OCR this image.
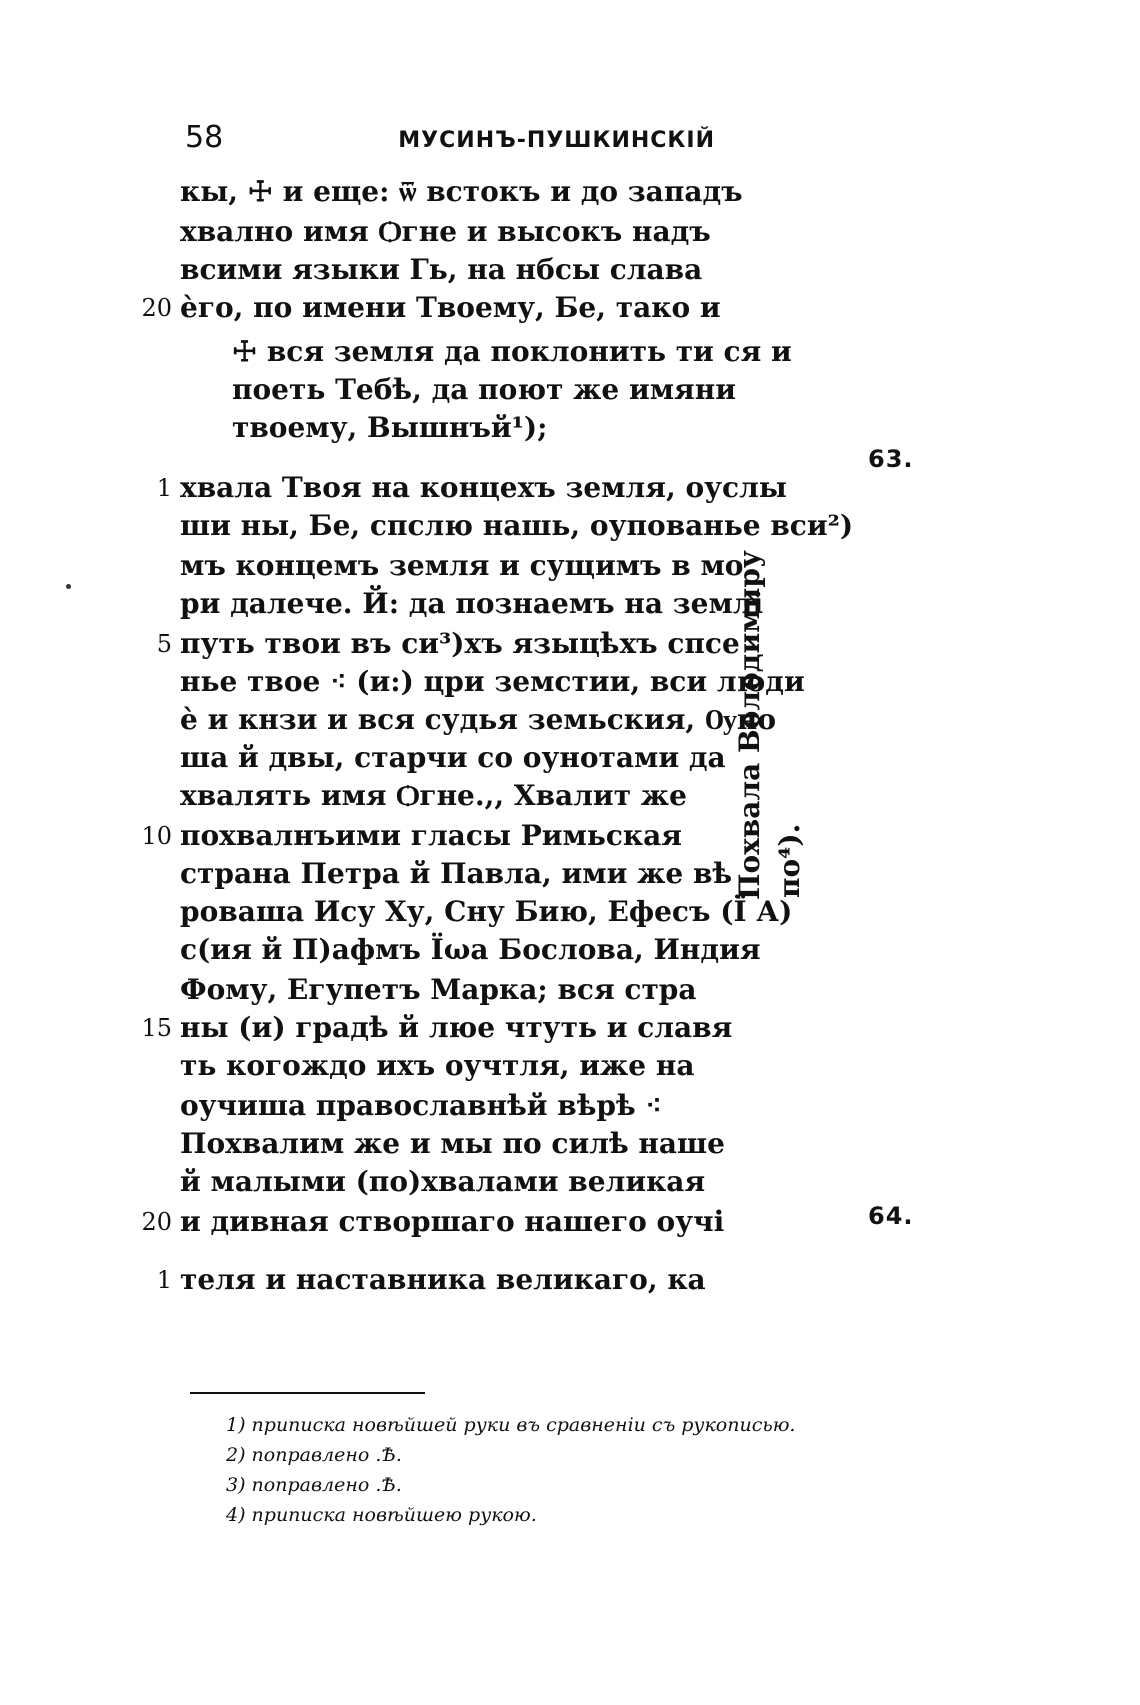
58	МУСИНЪ-ПУШКИНСКІЙ
кы, ☩ и еще: ѿ встокъ и до западъ
хвално имя Ѻгне и высокъ надъ
всими языки Гь, на нбсы слава
20 ѐго, по имени Твоему, Бе, тако и
☩ вся земля да поклонить ти ся и
поеть Тебѣ, да поют же имяни
твоему, Вышнъй¹);
1 хвала Твоя на концехъ земля, оуслы
ши ны, Бе, спслю нашь, оупованье вси²)
мъ концемъ земля и сущимъ в мо
ри далече. Й: да познаемъ на землі
5 путь твои въ си³)хъ языцѣхъ спсе
нье твое ⁖ (и:) цри земстии, вси люди
ѐ и кнзи и вся судья земьския, Ѹно
ша й двы, старчи со оунотами да
хвалять имя Ѻгне.,, Хвалит же
10 похвалнъими гласы Римьская
страна Петра й Павла, ими же вѣ
роваша Ису Ху, Сну Бию, Ефесъ (Ï А)
с(ия й П)афмъ Їωа Бослова, Индия
Фому, Егупетъ Марка; вся стра
15 ны (и) градѣ й люе чтуть и славя
ть когождо ихъ оучтля, иже на
оучиша православнѣй вѣрѣ ⁖
Похвалим же и мы по силѣ наше
й малыми (по)хвалами великая
20 и дивная створшаго нашего оучі
1 теля и наставника великаго, ка
63.
64.
Похвала Володимиру по⁴).
1) приписка новѣйшей руки въ сравненіи съ рукописью.
2) поправлено .Ѣ.
3) поправлено .Ѣ.
4) приписка новѣйшею рукою.
